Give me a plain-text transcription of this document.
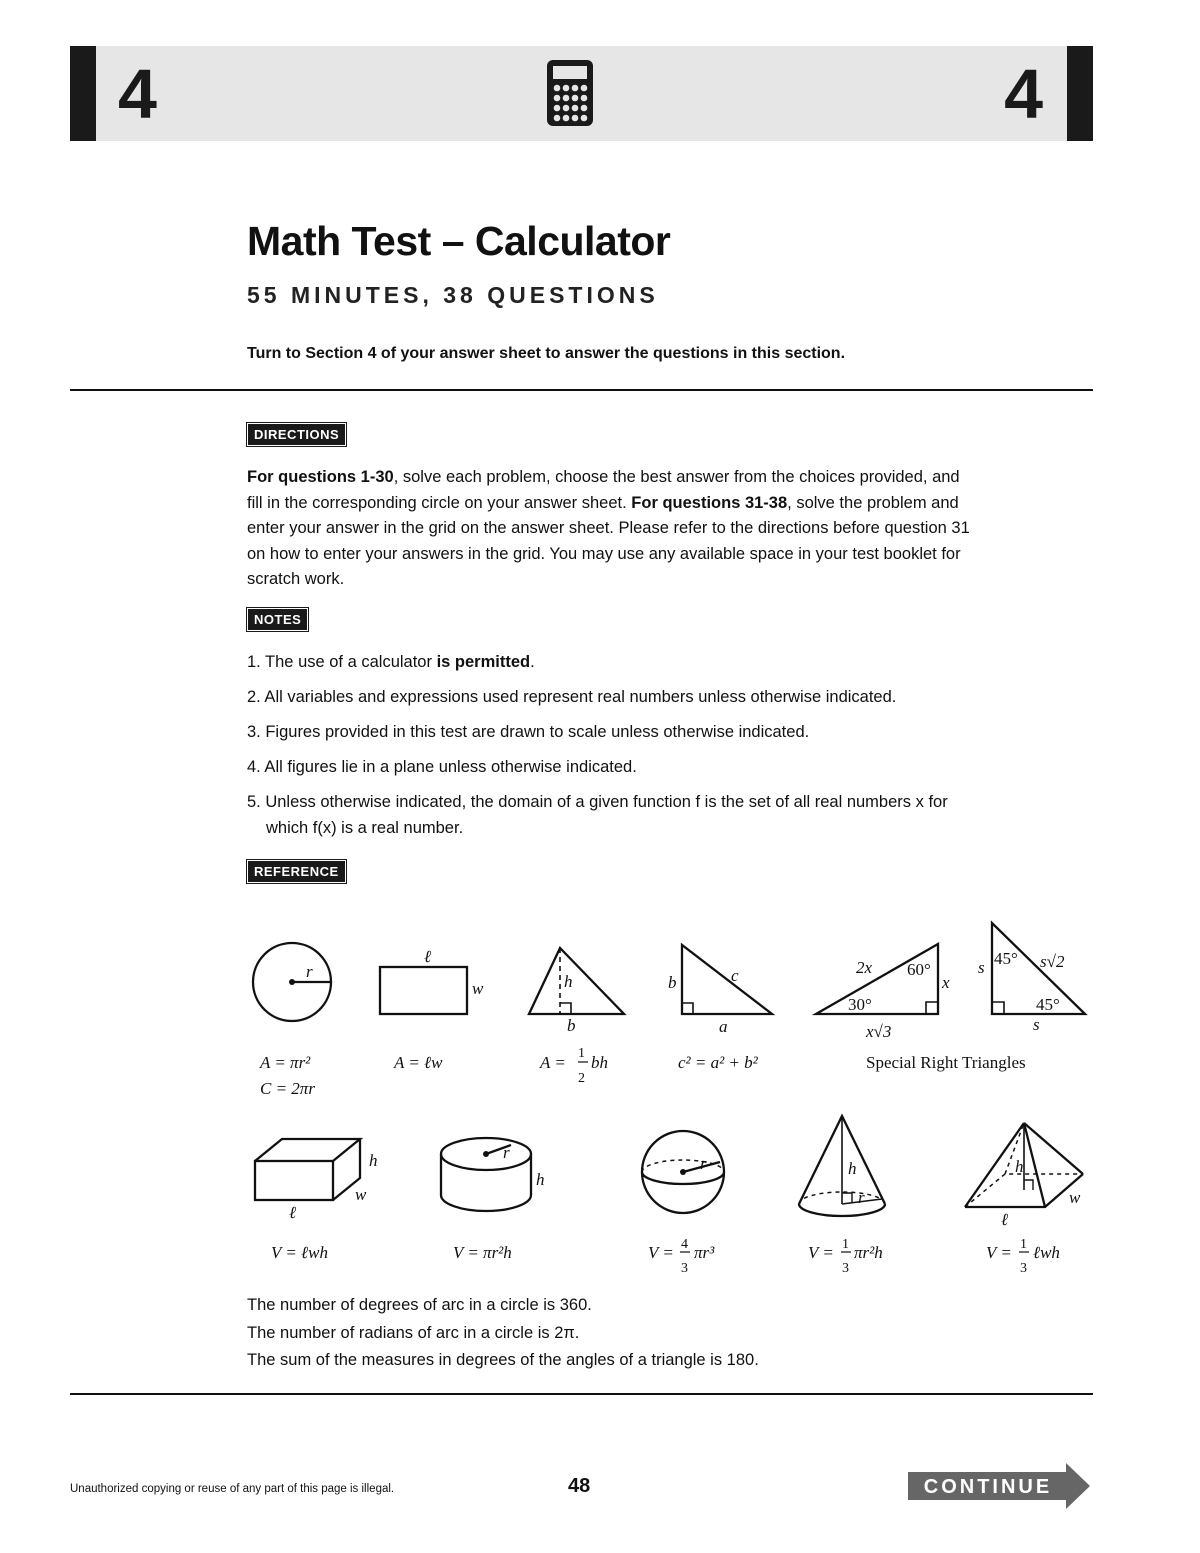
4	4
Math Test – Calculator
55 MINUTES, 38 QUESTIONS
Turn to Section 4 of your answer sheet to answer the questions in this section.
DIRECTIONS
For questions 1-30, solve each problem, choose the best answer from the choices provided, and fill in the corresponding circle on your answer sheet. For questions 31-38, solve the problem and enter your answer in the grid on the answer sheet. Please refer to the directions before question 31 on how to enter your answers in the grid. You may use any available space in your test booklet for scratch work.
NOTES
1. The use of a calculator is permitted.
2. All variables and expressions used represent real numbers unless otherwise indicated.
3. Figures provided in this test are drawn to scale unless otherwise indicated.
4. All figures lie in a plane unless otherwise indicated.
5. Unless otherwise indicated, the domain of a given function f is the set of all real numbers x for
which f(x) is a real number.
REFERENCE
r
A = πr²
C = 2πr
ℓ
w
A = ℓw
h
b
A = 1
2
bh
b	c
a
c² = a² + b²
2x 60°
x
30°
x√3
s 45° s√2
45°
s
Special Right Triangles
h
w
ℓ
V = ℓwh
r
h
V = πr²h
r
V = 4
3
πr³
h
r
V = 1
3
πr²h
h
w
ℓ
V = 1
3
ℓwh
The number of degrees of arc in a circle is 360.
The number of radians of arc in a circle is 2π.
The sum of the measures in degrees of the angles of a triangle is 180.
Unauthorized copying or reuse of any part of this page is illegal.	48	CONTINUE
